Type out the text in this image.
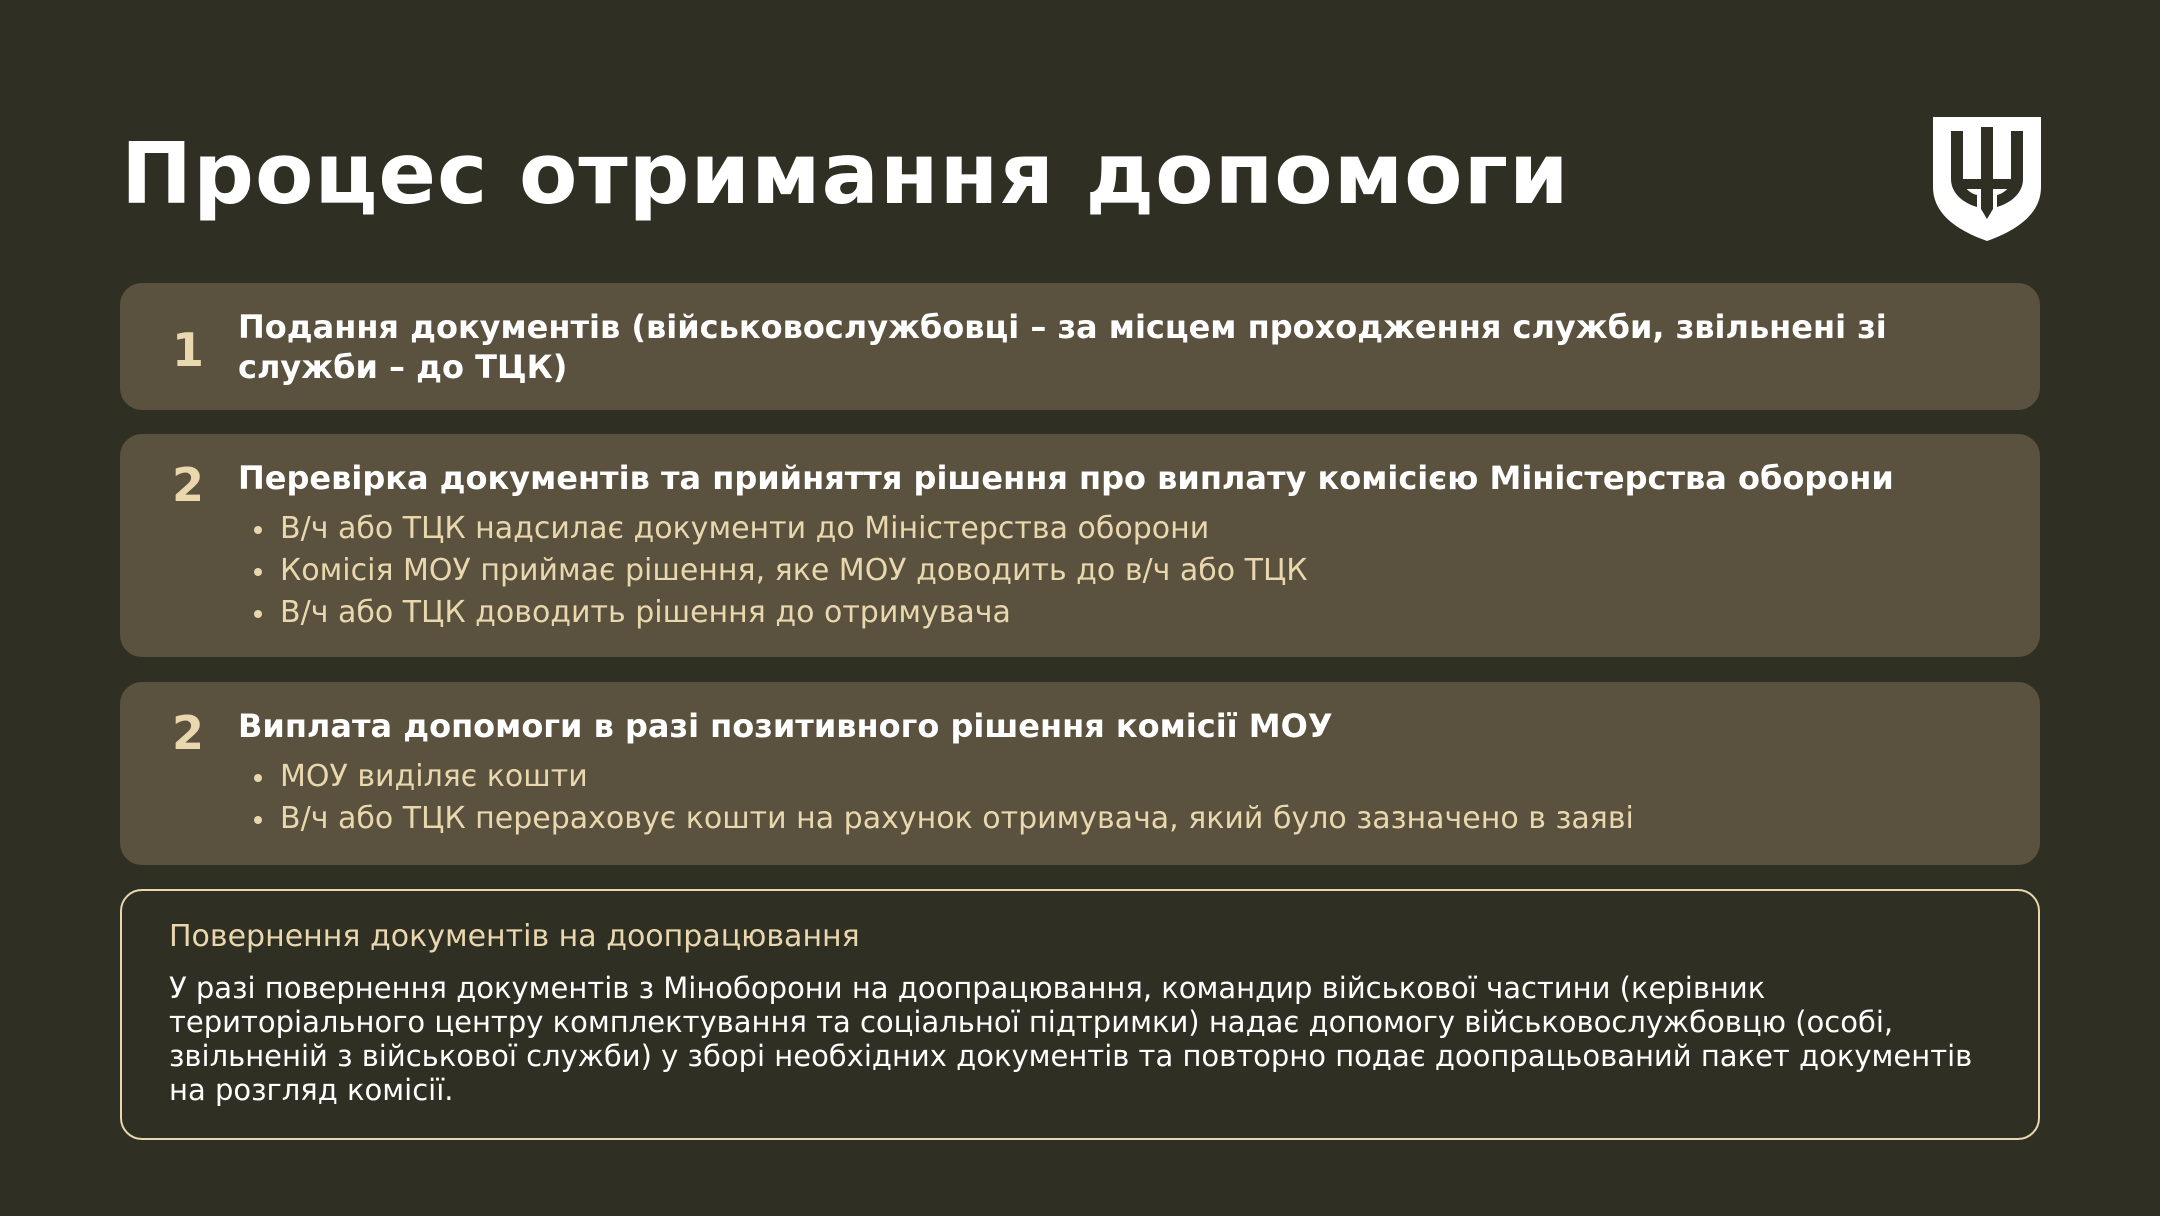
Процес отримання допомоги
1 Подання документів (військовослужбовці – за місцем проходження служби, звільнені зі служби – до ТЦК)

2 Перевірка документів та прийняття рішення про виплату комісією Міністерства оборони

В/ч або ТЦК надсилає документи до Міністерства оборони
Комісія МОУ приймає рішення, яке МОУ доводить до в/ч або ТЦК
В/ч або ТЦК доводить рішення до отримувача
2 Виплата допомоги в разі позитивного рішення комісії МОУ

МОУ виділяє кошти
В/ч або ТЦК перераховує кошти на рахунок отримувача, який було зазначено в заяві

Повернення документів на доопрацювання

У разі повернення документів з Міноборони на доопрацювання, командир військової частини (керівник територіального центру комплектування та соціальної підтримки) надає допомогу військовослужбовцю (особі, звільненій з військової служби) у зборі необхідних документів та повторно подає доопрацьований пакет документів на розгляд комісії.
